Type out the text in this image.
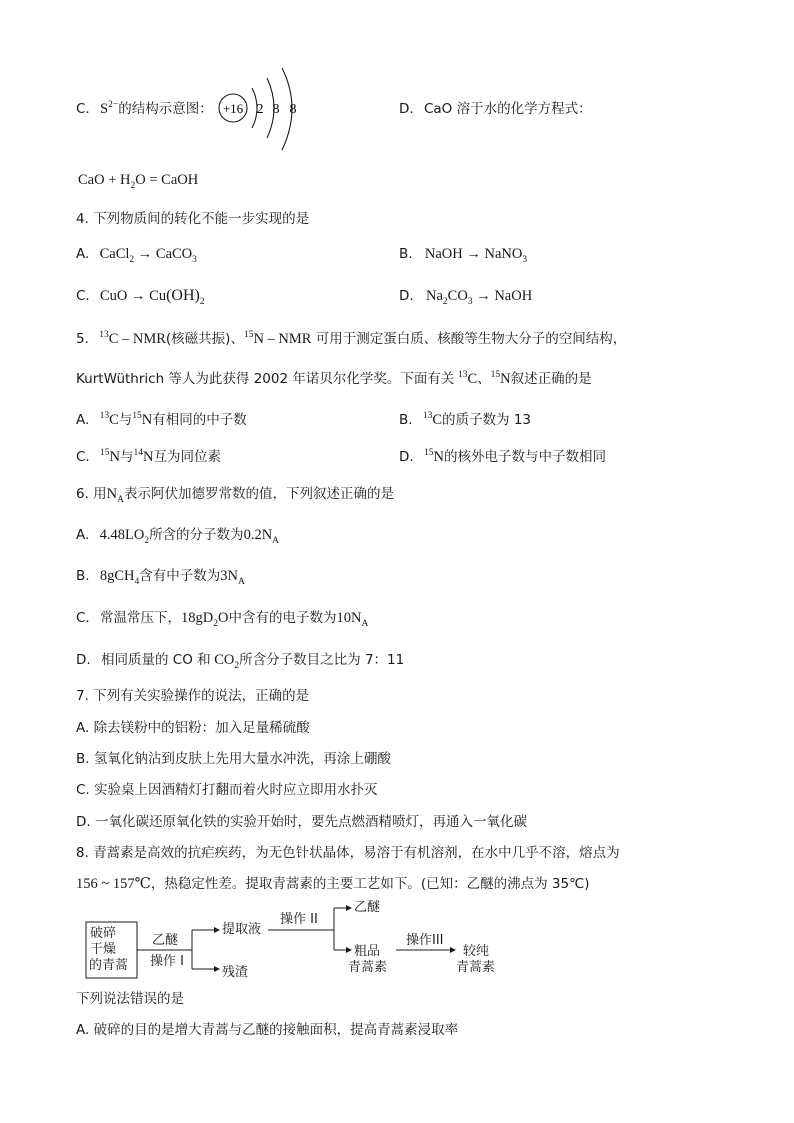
C. $S^{2-}$的结构示意图： +16 2 8 8	D. CaO 溶于水的化学方程式：
CaO + $H_2O$ = CaOH
4. 下列物质间的转化不能一步实现的是
A. CaCl$_2$ → CaCO$_3$	B. NaOH → NaNO$_3$
C. CuO → $Cu(OH)_2$	D. $Na_2CO_3$ → NaOH
5. $^{13}$C – NMR(核磁共振)、$^{15}$N – NMR 可用于测定蛋白质、核酸等生物大分子的空间结构，
KurtWüthrich 等人为此获得 2002 年诺贝尔化学奖。下面有关 $^{13}$C、$^{15}$N叙述正确的是
A. $^{13}$C与$^{15}$N有相同的中子数	B. $^{13}$C的质子数为 13
C. $^{15}$N与$^{14}$N互为同位素	D. $^{15}$N的核外电子数与中子数相同
6. 用$N_A$表示阿伏加德罗常数的值，下列叙述正确的是
A. $4.48LO_2$所含的分子数为$0.2N_A$
B. 8gCH$_4$含有中子数为$3N_A$
C. 常温常压下，$18gD_2O$中含有的电子数为$10N_A$
D. 相同质量的 CO 和 $CO_2$所含分子数目之比为 7：11
7. 下列有关实验操作的说法，正确的是
A. 除去镁粉中的铝粉：加入足量稀硫酸
B. 氢氧化钠沾到皮肤上先用大量水冲洗，再涂上硼酸
C. 实验桌上因酒精灯打翻而着火时应立即用水扑灭
D. 一氧化碳还原氧化铁的实验开始时，要先点燃酒精喷灯，再通入一氧化碳
8. 青蒿素是高效的抗疟疾药，为无色针状晶体，易溶于有机溶剂，在水中几乎不溶，熔点为
156 ~ 157℃，热稳定性差。提取青蒿素的主要工艺如下。(已知：乙醚的沸点为 35℃)
破碎
干燥
的青蒿
乙醚
操作 I
提取液
残渣
操作 II
乙醚
粗品
青蒿素
操作III
较纯
青蒿素
下列说法错误的是
A. 破碎的目的是增大青蒿与乙醚的接触面积，提高青蒿素浸取率
